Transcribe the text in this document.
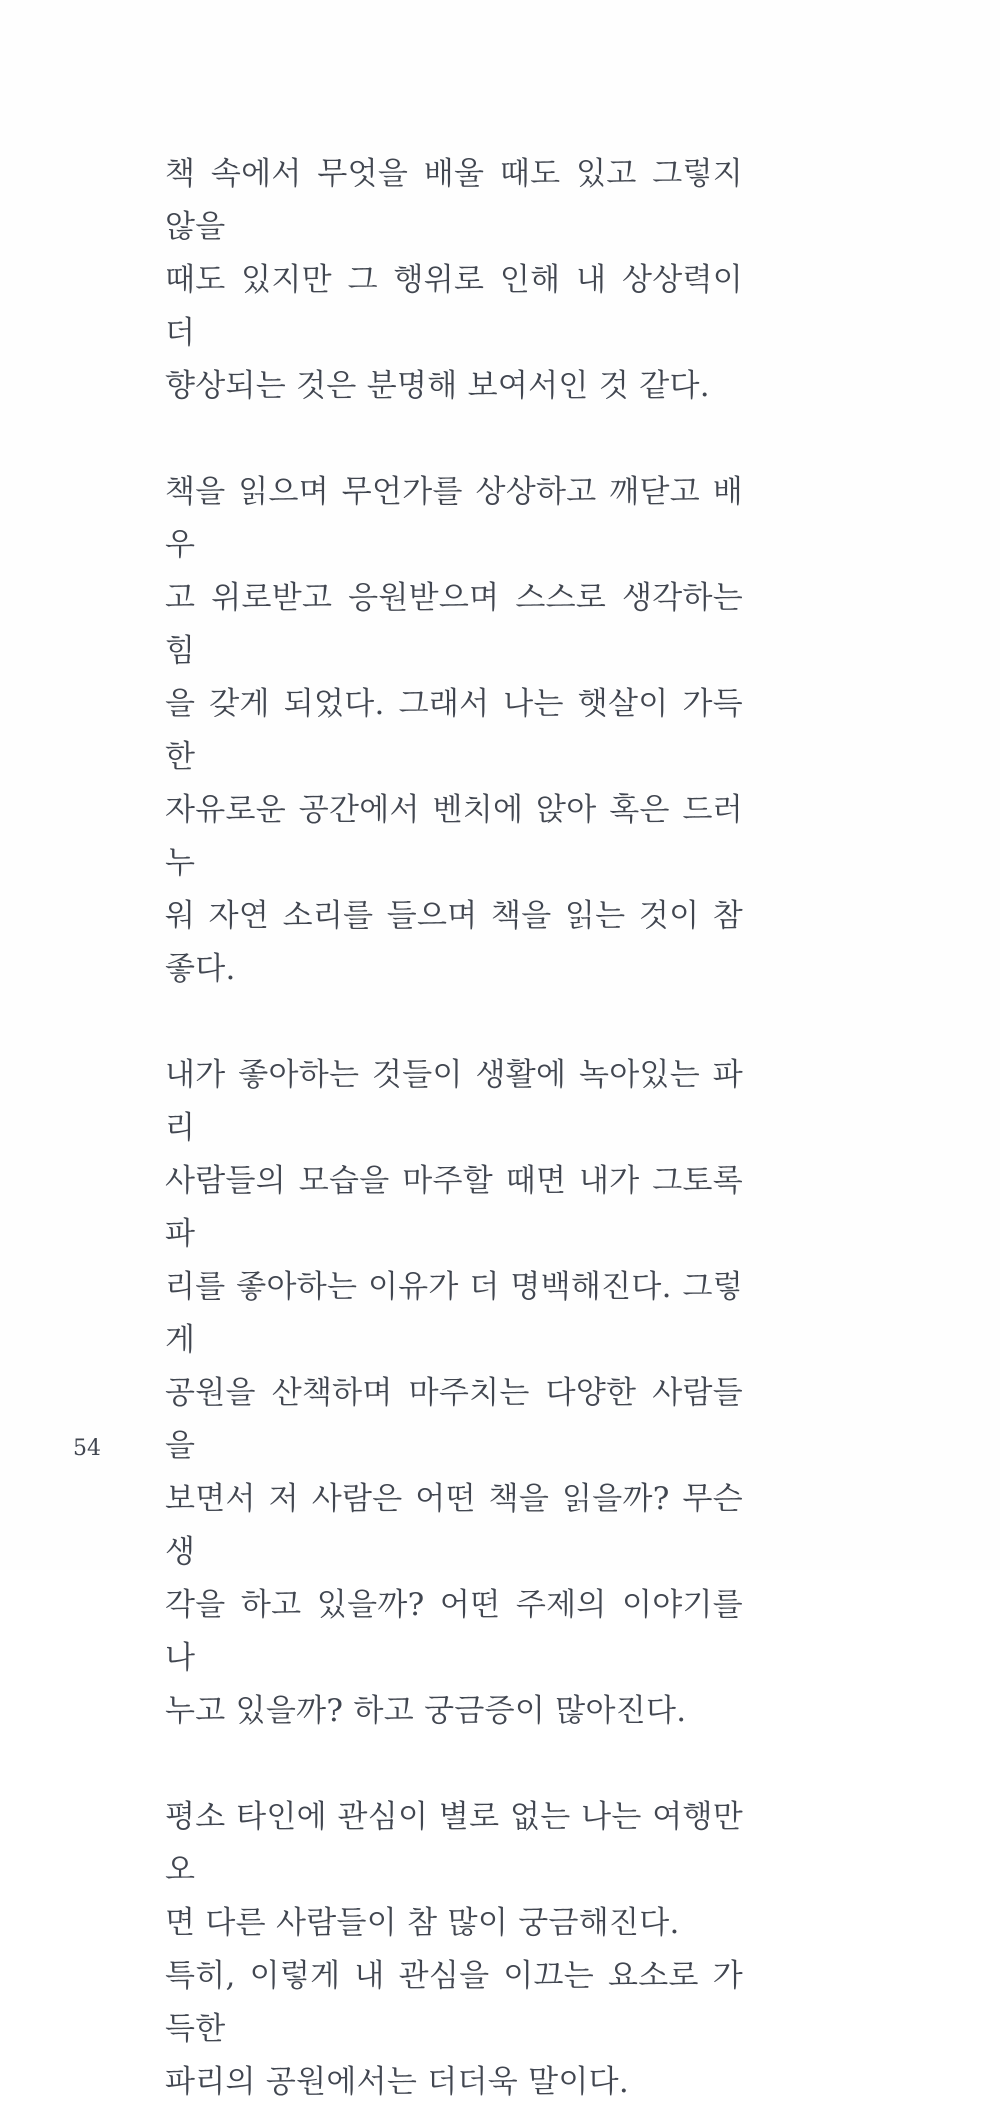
책 속에서 무엇을 배울 때도 있고 그렇지 않을
때도 있지만 그 행위로 인해 내 상상력이 더
향상되는 것은 분명해 보여서인 것 같다.
책을 읽으며 무언가를 상상하고 깨닫고 배우
고 위로받고 응원받으며 스스로 생각하는 힘
을 갖게 되었다. 그래서 나는 햇살이 가득한
자유로운 공간에서 벤치에 앉아 혹은 드러누
워 자연 소리를 들으며 책을 읽는 것이 참 좋다.
내가 좋아하는 것들이 생활에 녹아있는 파리
사람들의 모습을 마주할 때면 내가 그토록 파
리를 좋아하는 이유가 더 명백해진다. 그렇게
공원을 산책하며 마주치는 다양한 사람들을
보면서 저 사람은 어떤 책을 읽을까? 무슨 생
각을 하고 있을까? 어떤 주제의 이야기를 나
누고 있을까? 하고 궁금증이 많아진다.
평소 타인에 관심이 별로 없는 나는 여행만 오
면 다른 사람들이 참 많이 궁금해진다.
특히, 이렇게 내 관심을 이끄는 요소로 가득한
파리의 공원에서는 더더욱 말이다.
54
